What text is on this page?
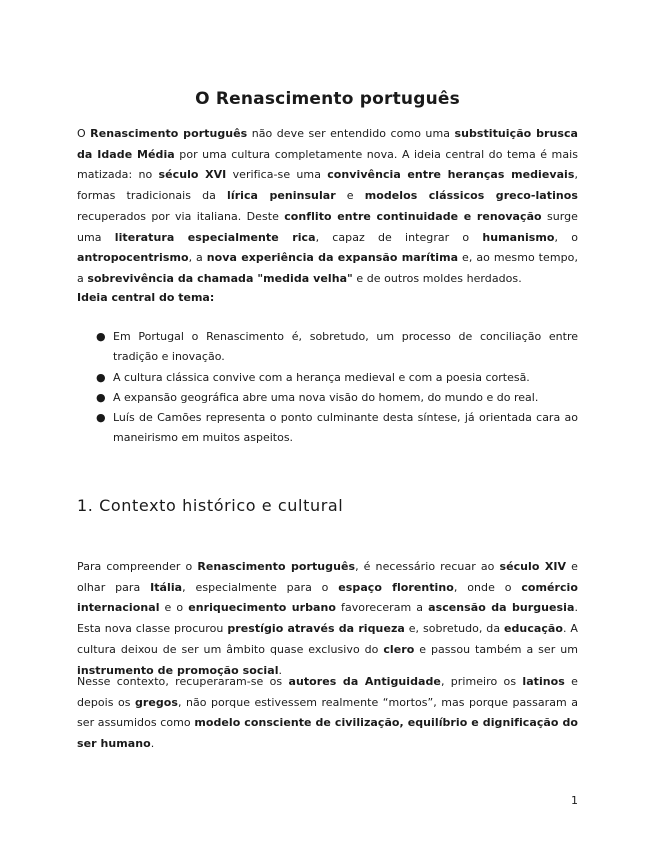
O Renascimento português

O Renascimento português não deve ser entendido como uma substituição brusca da Idade Média por uma cultura completamente nova. A ideia central do tema é mais matizada: no século XVI verifica-se uma convivência entre heranças medievais, formas tradicionais da lírica peninsular e modelos clássicos greco-latinos recuperados por via italiana. Deste conflito entre continuidade e renovação surge uma literatura especialmente rica, capaz de integrar o humanismo, o antropocentrismo, a nova experiência da expansão marítima e, ao mesmo tempo, a sobrevivência da chamada "medida velha" e de outros moldes herdados.

Ideia central do tema:

● Em Portugal o Renascimento é, sobretudo, um processo de conciliação entre tradição e inovação.
● A cultura clássica convive com a herança medieval e com a poesia cortesã.
● A expansão geográfica abre uma nova visão do homem, do mundo e do real.
● Luís de Camões representa o ponto culminante desta síntese, já orientada cara ao maneirismo em muitos aspeitos.
1. Contexto histórico e cultural

Para compreender o Renascimento português, é necessário recuar ao século XIV e olhar para Itália, especialmente para o espaço florentino, onde o comércio internacional e o enriquecimento urbano favoreceram a ascensão da burguesia. Esta nova classe procurou prestígio através da riqueza e, sobretudo, da educação. A cultura deixou de ser um âmbito quase exclusivo do clero e passou também a ser um instrumento de promoção social.

Nesse contexto, recuperaram-se os autores da Antiguidade, primeiro os latinos e depois os gregos, não porque estivessem realmente “mortos”, mas porque passaram a ser assumidos como modelo consciente de civilização, equilíbrio e dignificação do ser humano.

1
